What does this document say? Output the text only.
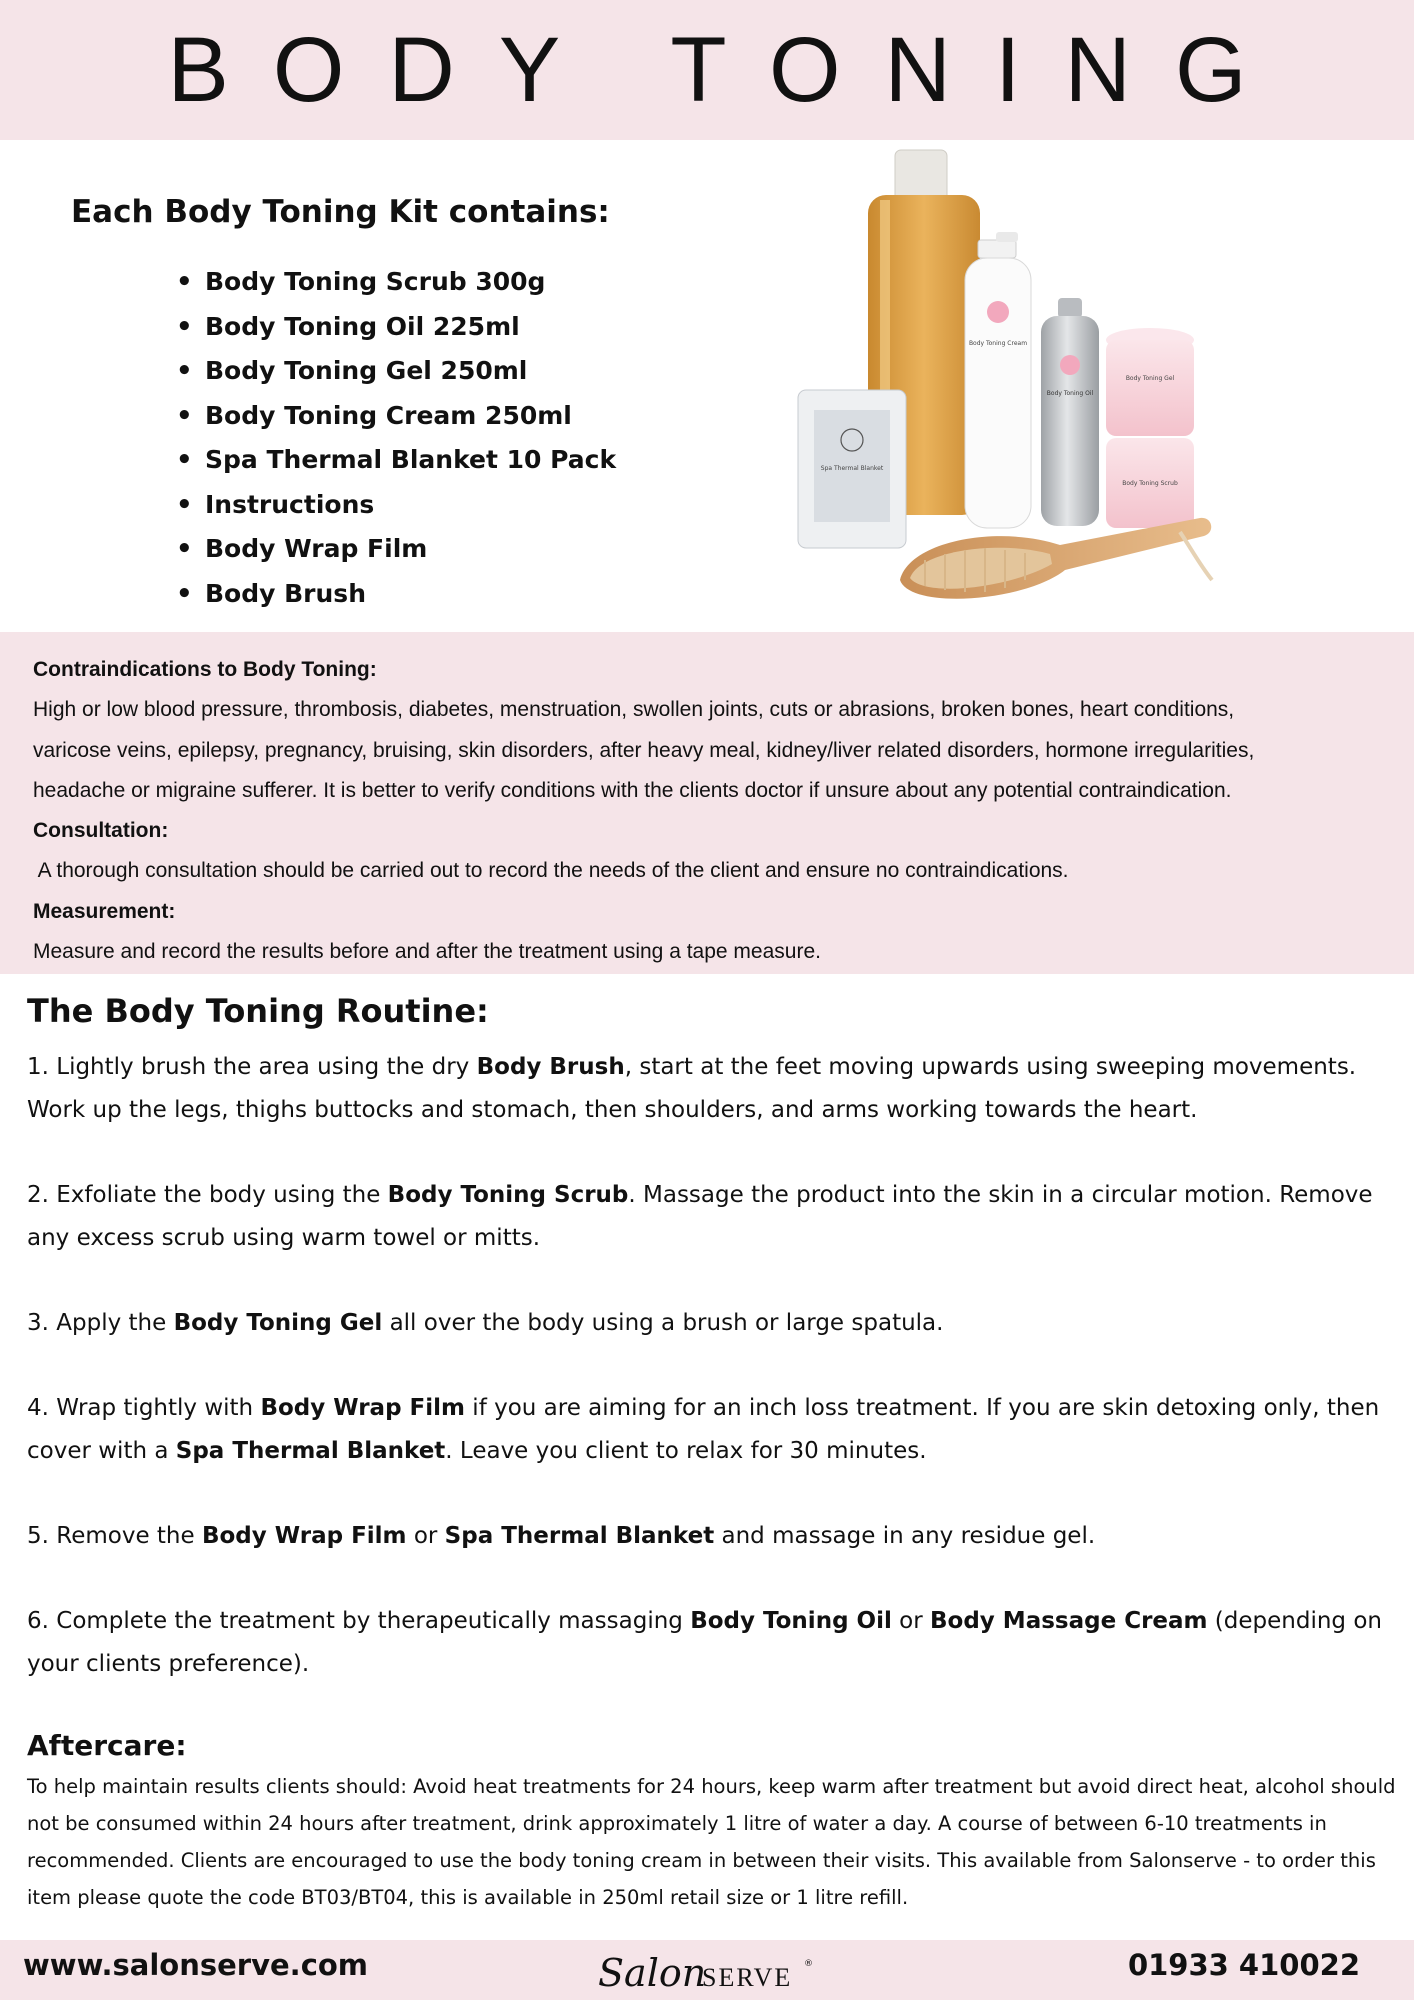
BODY TONING
Each Body Toning Kit contains:
• Body Toning Scrub 300g
• Body Toning Oil 225ml
• Body Toning Gel 250ml
• Body Toning Cream 250ml
• Spa Thermal Blanket 10 Pack
• Instructions
• Body Wrap Film
• Body Brush
Spa Thermal Blanket
Body Toning Cream
Body Toning Oil
Body Toning Gel
Body Toning Scrub

Contraindications to Body Toning:

High or low blood pressure, thrombosis, diabetes, menstruation, swollen joints, cuts or abrasions, broken bones, heart conditions,

varicose veins, epilepsy, pregnancy, bruising, skin disorders, after heavy meal, kidney/liver related disorders, hormone irregularities,

headache or migraine sufferer. It is better to verify conditions with the clients doctor if unsure about any potential contraindication.

Consultation:

A thorough consultation should be carried out to record the needs of the client and ensure no contraindications.

Measurement:

Measure and record the results before and after the treatment using a tape measure.

The Body Toning Routine:

1. Lightly brush the area using the dry Body Brush, start at the feet moving upwards using sweeping movements. Work up the legs, thighs buttocks and stomach, then shoulders, and arms working towards the heart.

2. Exfoliate the body using the Body Toning Scrub. Massage the product into the skin in a circular motion. Remove any excess scrub using warm towel or mitts.

3. Apply the Body Toning Gel all over the body using a brush or large spatula.

4. Wrap tightly with Body Wrap Film if you are aiming for an inch loss treatment. If you are skin detoxing only, then cover with a Spa Thermal Blanket. Leave you client to relax for 30 minutes.

5. Remove the Body Wrap Film or Spa Thermal Blanket and massage in any residue gel.

6. Complete the treatment by therapeutically massaging Body Toning Oil or Body Massage Cream (depending on your clients preference).

Aftercare:

To help maintain results clients should: Avoid heat treatments for 24 hours, keep warm after treatment but avoid direct heat, alcohol should not be consumed within 24 hours after treatment, drink approximately 1 litre of water a day. A course of between 6-10 treatments in recommended. Clients are encouraged to use the body toning cream in between their visits. This available from Salonserve - to order this item please quote the code BT03/BT04, this is available in 250ml retail size or 1 litre refill.

www.salonserve.com	Salon
SERVE ®	01933 410022
